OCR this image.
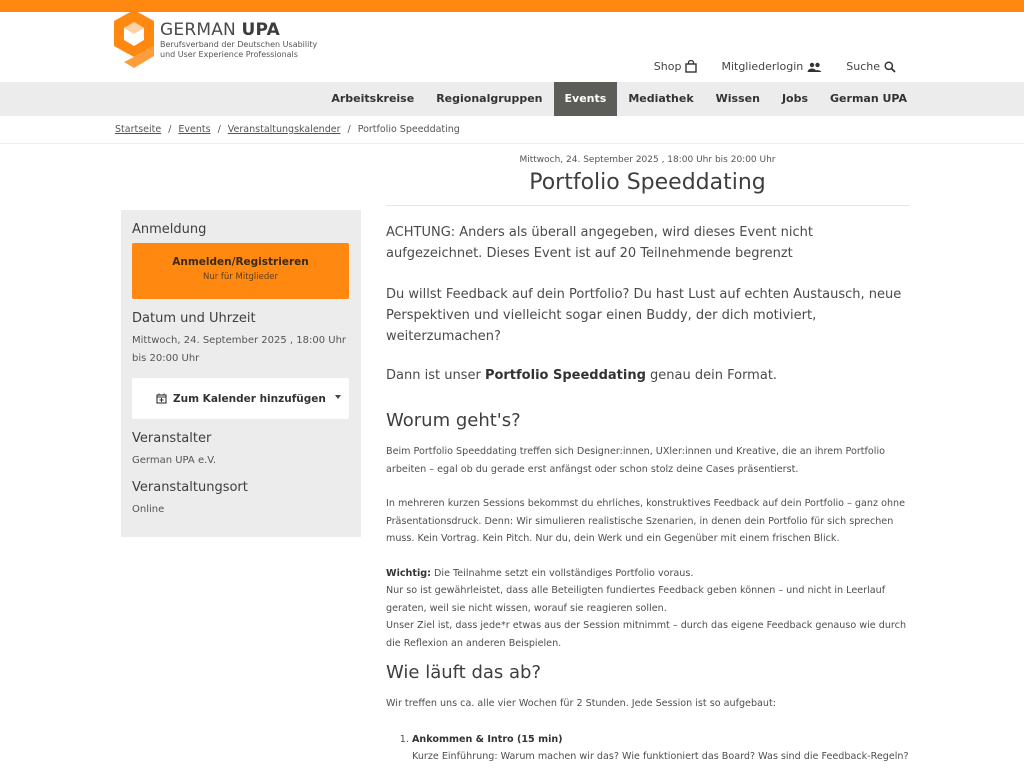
GERMAN UPA
Berufsverband der Deutschen Usability
und User Experience Professionals
Shop	Mitgliederlogin	Suche
Arbeitskreise	Regionalgruppen	Events	Mediathek	Wissen	Jobs	German UPA
Startseite / Events / Veranstaltungskalender / Portfolio Speeddating
Anmeldung
Anmelden/Registrieren
Nur für Mitglieder
Datum und Uhrzeit
Mittwoch, 24. September 2025 , 18:00 Uhr bis 20:00 Uhr
Zum Kalender hinzufügen
Veranstalter
German UPA e.V.
Veranstaltungsort
Online
Mittwoch, 24. September 2025 , 18:00 Uhr bis 20:00 Uhr
Portfolio Speeddating

ACHTUNG: Anders als überall angegeben, wird dieses Event nicht aufgezeichnet. Dieses Event ist auf 20 Teilnehmende begrenzt

Du willst Feedback auf dein Portfolio? Du hast Lust auf echten Austausch, neue Perspektiven und vielleicht sogar einen Buddy, der dich motiviert, weiterzumachen?

Dann ist unser Portfolio Speeddating genau dein Format.

Worum geht's?

Beim Portfolio Speeddating treffen sich Designer:innen, UXler:innen und Kreative, die an ihrem Portfolio arbeiten – egal ob du gerade erst anfängst oder schon stolz deine Cases präsentierst.

In mehreren kurzen Sessions bekommst du ehrliches, konstruktives Feedback auf dein Portfolio – ganz ohne Präsentationsdruck. Denn: Wir simulieren realistische Szenarien, in denen dein Portfolio für sich sprechen muss. Kein Vortrag. Kein Pitch. Nur du, dein Werk und ein Gegenüber mit einem frischen Blick.

Wichtig: Die Teilnahme setzt ein vollständiges Portfolio voraus.
Nur so ist gewährleistet, dass alle Beteiligten fundiertes Feedback geben können – und nicht in Leerlauf geraten, weil sie nicht wissen, worauf sie reagieren sollen.
Unser Ziel ist, dass jede*r etwas aus der Session mitnimmt – durch das eigene Feedback genauso wie durch die Reflexion an anderen Beispielen.

Wie läuft das ab?

Wir treffen uns ca. alle vier Wochen für 2 Stunden. Jede Session ist so aufgebaut:

1. Ankommen & Intro (15 min)
Kurze Einführung: Warum machen wir das? Wie funktioniert das Board? Was sind die Feedback-Regeln?
